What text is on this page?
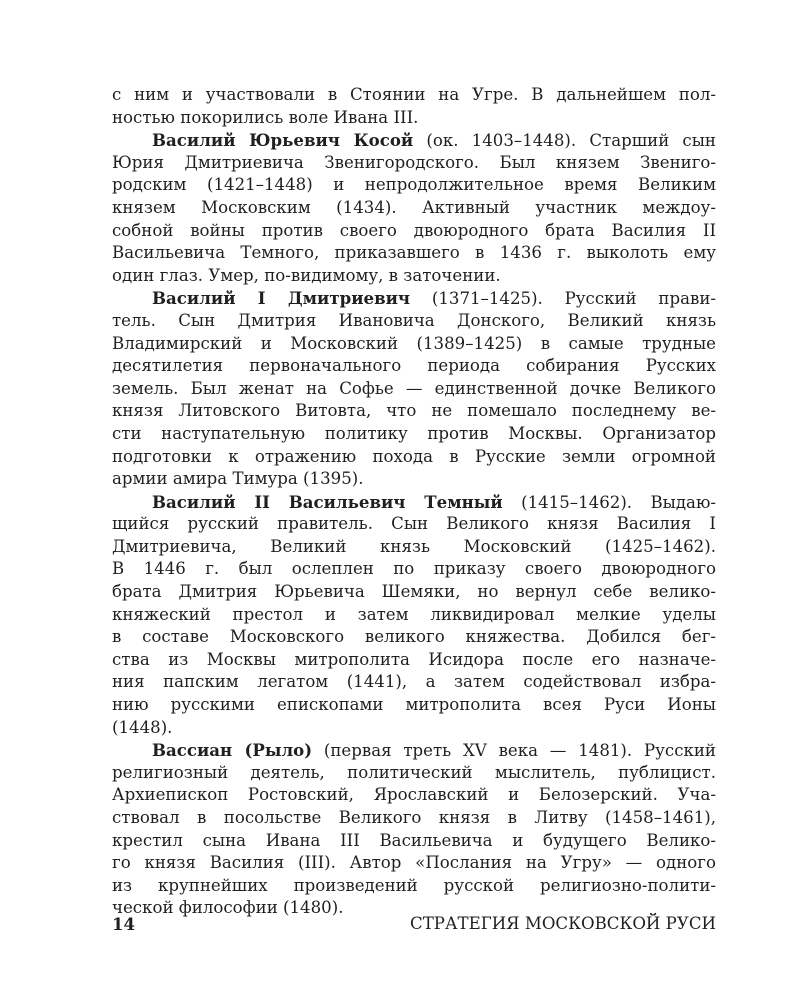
с ним и участвовали в Стоянии на Угре. В дальнейшем пол-
ностью покорились воле Ивана III.
Василий Юрьевич Косой (ок. 1403–1448). Старший сын
Юрия Дмитриевича Звенигородского. Был князем Звениго-
родским (1421–1448) и непродолжительное время Великим
князем Московским (1434). Активный участник междоу-
собной войны против своего двоюродного брата Василия II
Васильевича Темного, приказавшего в 1436 г. выколоть ему
один глаз. Умер, по-видимому, в заточении.
Василий I Дмитриевич (1371–1425). Русский прави-
тель. Сын Дмитрия Ивановича Донского, Великий князь
Владимирский и Московский (1389–1425) в самые трудные
десятилетия первоначального периода собирания Русских
земель. Был женат на Софье — единственной дочке Великого
князя Литовского Витовта, что не помешало последнему ве-
сти наступательную политику против Москвы. Организатор
подготовки к отражению похода в Русские земли огромной
армии амира Тимура (1395).
Василий II Васильевич Темный (1415–1462). Выдаю-
щийся русский правитель. Сын Великого князя Василия I
Дмитриевича, Великий князь Московский (1425–1462).
В 1446 г. был ослеплен по приказу своего двоюродного
брата Дмитрия Юрьевича Шемяки, но вернул себе велико-
княжеский престол и затем ликвидировал мелкие уделы
в составе Московского великого княжества. Добился бег-
ства из Москвы митрополита Исидора после его назначе-
ния папским легатом (1441), а затем содействовал избра-
нию русскими епископами митрополита всея Руси Ионы
(1448).
Вассиан (Рыло) (первая треть XV века — 1481). Русский
религиозный деятель, политический мыслитель, публицист.
Архиепископ Ростовский, Ярославский и Белозерский. Уча-
ствовал в посольстве Великого князя в Литву (1458–1461),
крестил сына Ивана III Васильевича и будущего Велико-
го князя Василия (III). Автор «Послания на Угру» — одного
из крупнейших произведений русской религиозно-полити-
ческой философии (1480).
14	СТРАТЕГИЯ МОСКОВСКОЙ РУСИ
